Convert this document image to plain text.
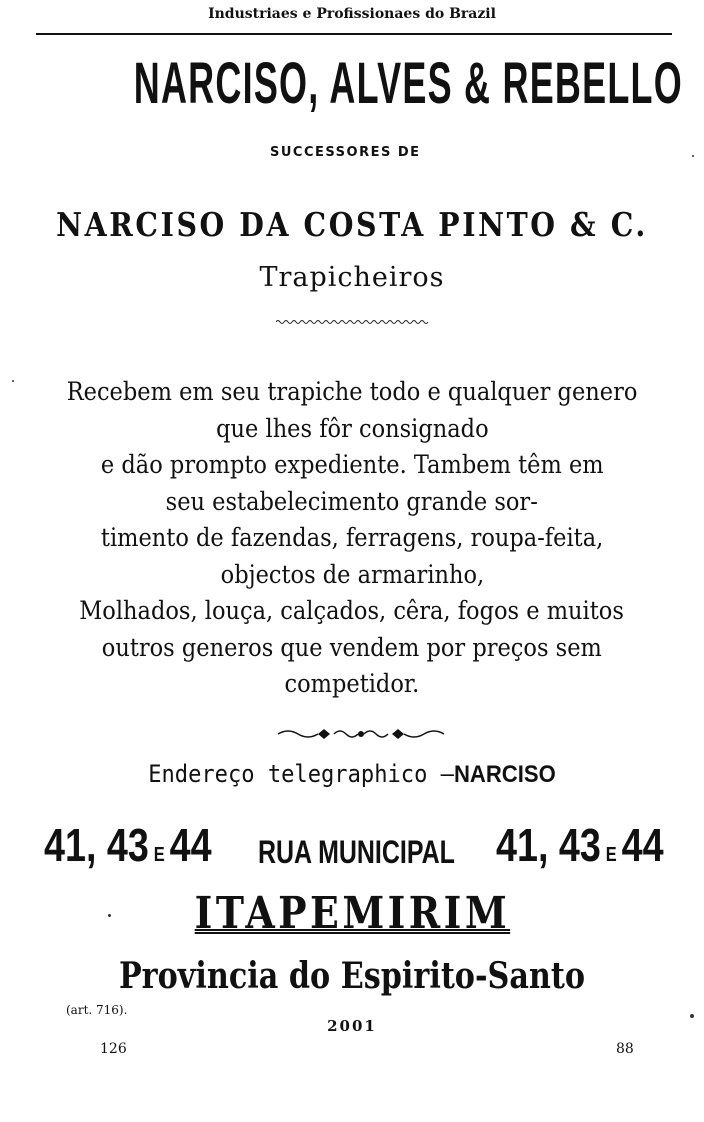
Industriaes e Profissionaes do Brazil
NARCISO, ALVES & REBELLO
SUCCESSORES DE
NARCISO DA COSTA PINTO & C.
Trapicheiros
Recebem em seu trapiche todo e qualquer genero
que lhes fôr consignado
e dão prompto expediente. Tambem têm em
seu estabelecimento grande sor-
timento de fazendas, ferragens, roupa-feita,
objectos de armarinho,
Molhados, louça, calçados, cêra, fogos e muitos
outros generos que vendem por preços sem
competidor.
Endereço telegraphico —NARCISO
41, 43 E 44 RUA MUNICIPAL 41, 43 E 44
ITAPEMIRIM
Provincia do Espirito-Santo
(art. 716).
2001
126	88
